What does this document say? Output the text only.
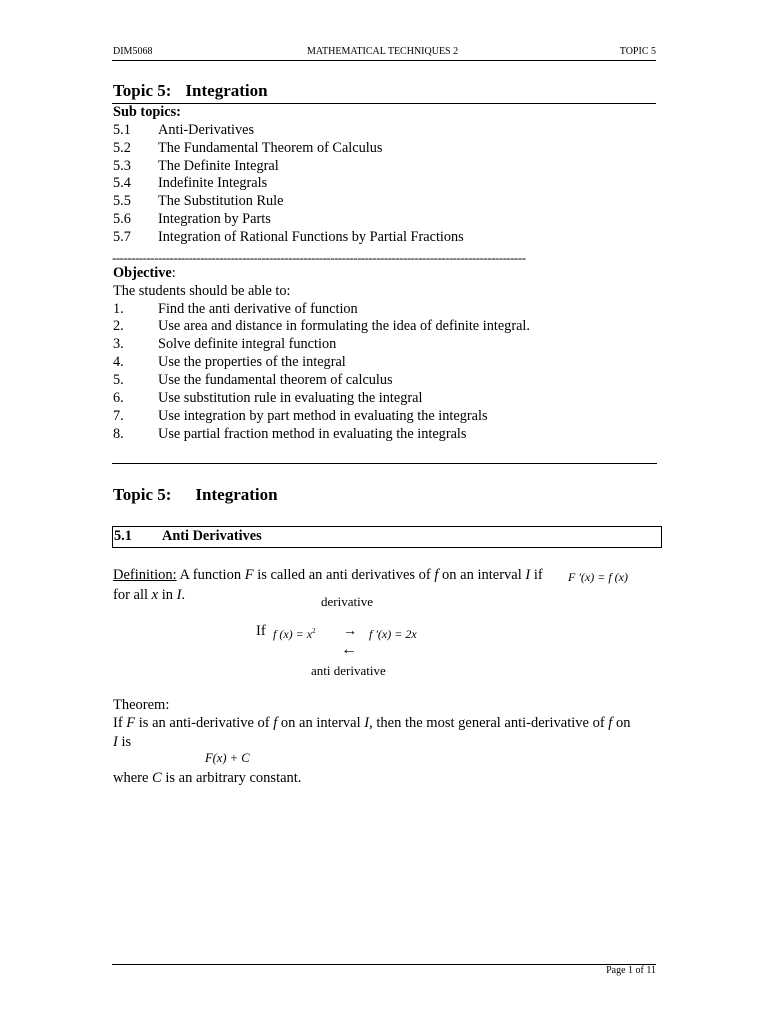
DIM5068	MATHEMATICAL TECHNIQUES 2	TOPIC 5
Topic 5: Integration
Sub topics:
5.1 Anti-Derivatives
5.2 The Fundamental Theorem of Calculus
5.3 The Definite Integral
5.4 Indefinite Integrals
5.5 The Substitution Rule
5.6 Integration by Parts
5.7 Integration of Rational Functions by Partial Fractions
------------------------------------------------------------------------------------------------------------
Objective:
The students should be able to:
1. Find the anti derivative of function
2. Use area and distance in formulating the idea of definite integral.
3. Solve definite integral function
4. Use the properties of the integral
5. Use the fundamental theorem of calculus
6. Use substitution rule in evaluating the integral
7. Use integration by part method in evaluating the integrals
8. Use partial fraction method in evaluating the integrals
Topic 5: Integration
5.1 Anti Derivatives
Definition: A function F is called an anti derivatives of f on an interval I if F '(x) = f (x)
for all x in I.	derivative
If f $(x) = x^2 \to f$ '(x) = 2x
←
anti derivative
Theorem:
If F is an anti-derivative of f on an interval I, then the most general anti-derivative of f on
I is
F(x) + C
where C is an arbitrary constant.
Page 1 of 11
